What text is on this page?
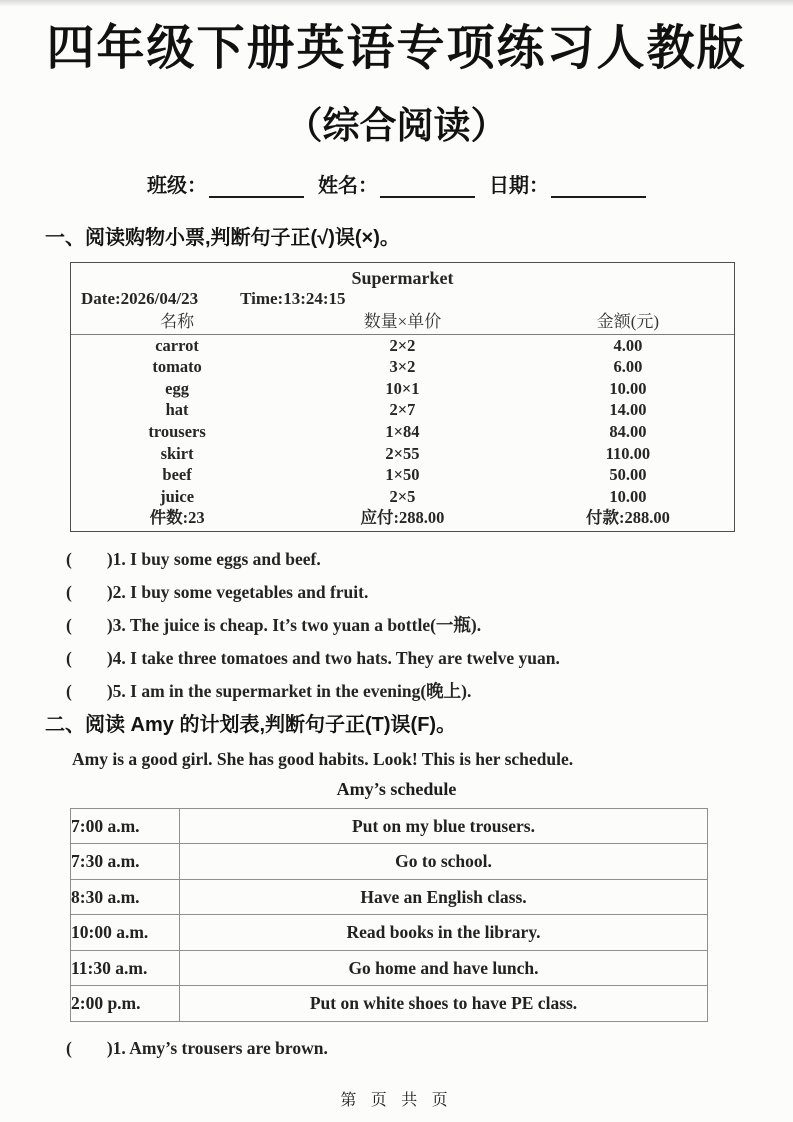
四年级下册英语专项练习人教版
（综合阅读）
班级：	姓名：	日期：
一、阅读购物小票,判断句子正(√)误(×)。
Supermarket
Date:2026/04/23 Time:13:24:15
名称	数量×单价	金额(元)
carrot	2×2	4.00
tomato	3×2	6.00
egg	10×1	10.00
hat	2×7	14.00
trousers	1×84	84.00
skirt	2×55	110.00
beef	1×50	50.00
juice	2×5	10.00
件数:23	应付:288.00	付款:288.00
(　　)1. I buy some eggs and beef.
(　　)2. I buy some vegetables and fruit.
(　　)3. The juice is cheap. It’s two yuan a bottle(一瓶).
(　　)4. I take three tomatoes and two hats. They are twelve yuan.
(　　)5. I am in the supermarket in the evening(晚上).
二、阅读 Amy 的计划表,判断句子正(T)误(F)。
Amy is a good girl. She has good habits. Look! This is her schedule.
Amy’s schedule
7:00 a.m.	Put on my blue trousers.
7:30 a.m.	Go to school.
8:30 a.m.	Have an English class.
10:00 a.m.	Read books in the library.
11:30 a.m.	Go home and have lunch.
2:00 p.m.	Put on white shoes to have PE class.
(　　)1. Amy’s trousers are brown.
第 页 共 页
